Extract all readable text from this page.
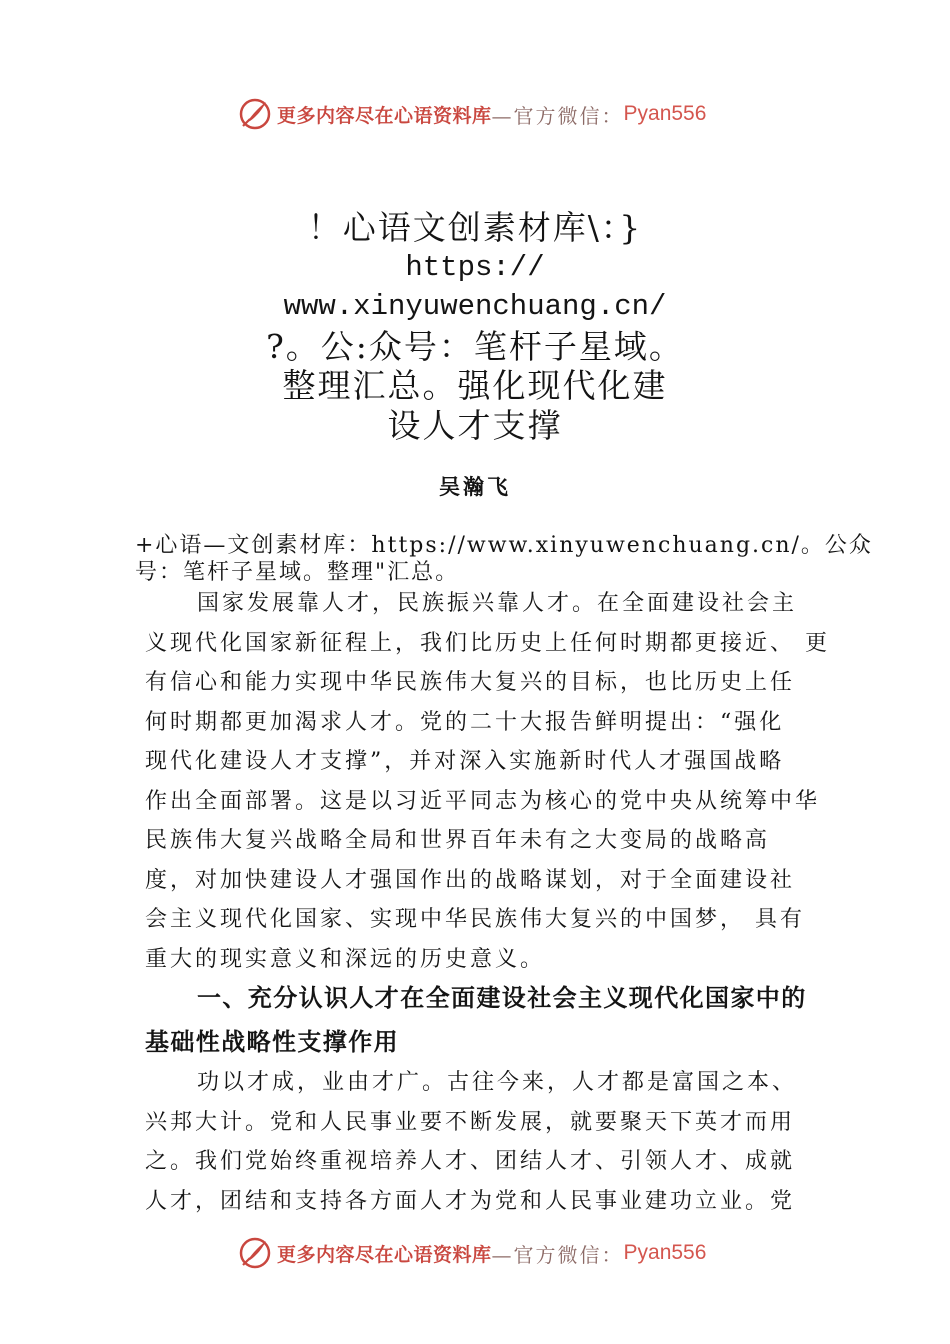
更多内容尽在心语资料库 —官方微信： Pyan556
！心语文创素材库\：}
https://
www.xinyuwenchuang.cn/
?。公:众号：笔杆子星域。
整理汇总。强化现代化建
设人才支撑
吴瀚飞
+心语—文创素材库：https://www.xinyuwenchuang.cn/。公众
号：笔杆子星域。整理"汇总。
国家发展靠人才，民族振兴靠人才。在全面建设社会主
义现代化国家新征程上，我们比历史上任何时期都更接近、 更
有信心和能力实现中华民族伟大复兴的目标，也比历史上任
何时期都更加渴求人才。党的二十大报告鲜明提出：“强化
现代化建设人才支撑”，并对深入实施新时代人才强国战略
作出全面部署。这是以习近平同志为核心的党中央从统筹中华
民族伟大复兴战略全局和世界百年未有之大变局的战略高
度，对加快建设人才强国作出的战略谋划，对于全面建设社
会主义现代化国家、实现中华民族伟大复兴的中国梦， 具有
重大的现实意义和深远的历史意义。
一、充分认识人才在全面建设社会主义现代化国家中的
基础性战略性支撑作用
功以才成，业由才广。古往今来，人才都是富国之本、
兴邦大计。党和人民事业要不断发展，就要聚天下英才而用
之。我们党始终重视培养人才、团结人才、引领人才、成就
人才，团结和支持各方面人才为党和人民事业建功立业。党
更多内容尽在心语资料库 —官方微信： Pyan556
